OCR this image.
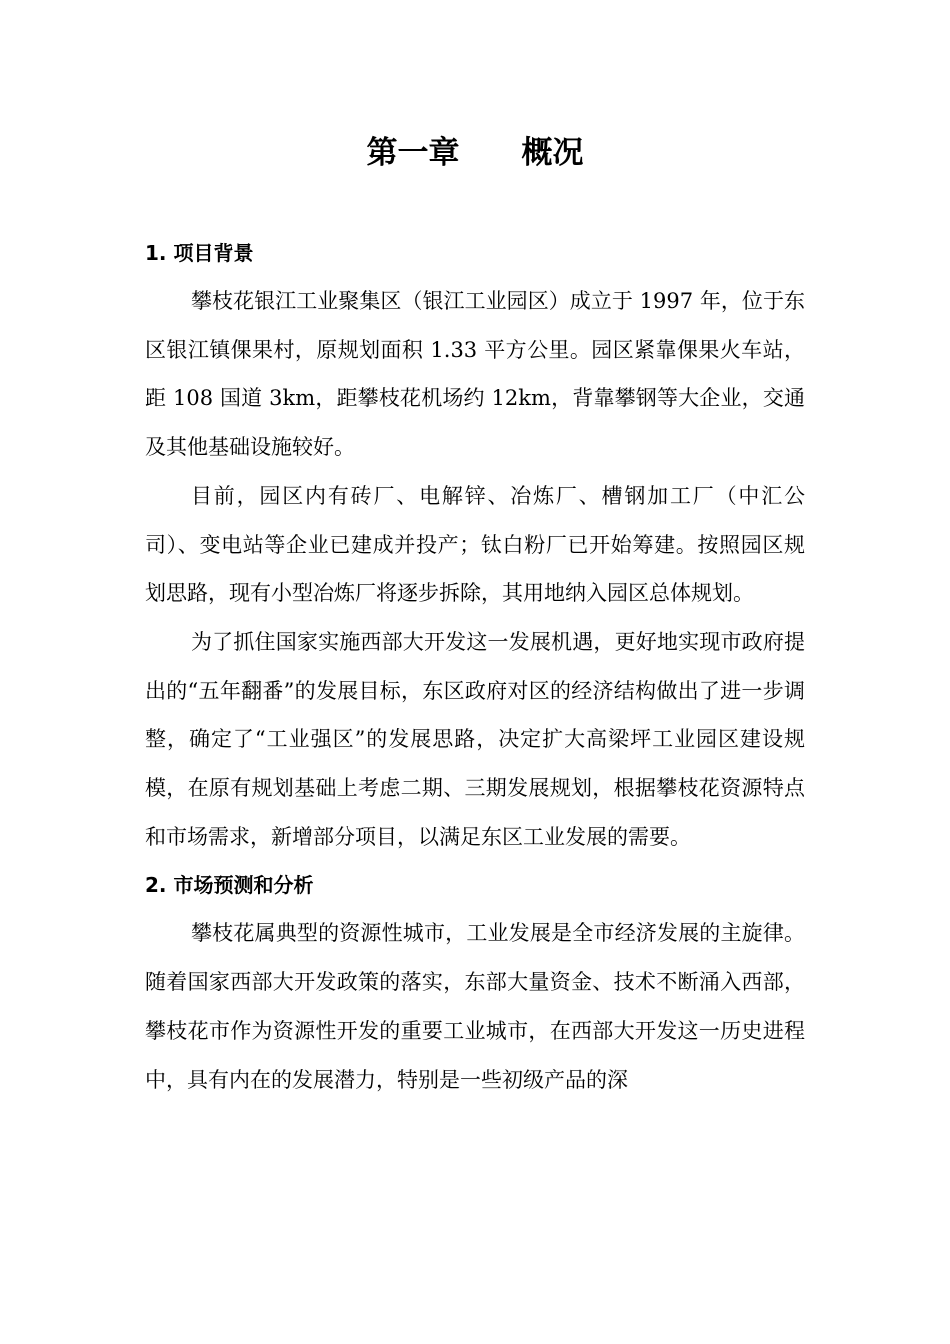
第一章　　概况
1. 项目背景

攀枝花银江工业聚集区（银江工业园区）成立于 1997 年，位于东区银江镇倮果村，原规划面积 1.33 平方公里。园区紧靠倮果火车站，距 108 国道 3km，距攀枝花机场约 12km，背靠攀钢等大企业，交通及其他基础设施较好。

目前，园区内有砖厂、电解锌、冶炼厂、槽钢加工厂（中汇公司）、变电站等企业已建成并投产；钛白粉厂已开始筹建。按照园区规划思路，现有小型冶炼厂将逐步拆除，其用地纳入园区总体规划。

为了抓住国家实施西部大开发这一发展机遇，更好地实现市政府提出的“五年翻番”的发展目标，东区政府对区的经济结构做出了进一步调整，确定了“工业强区”的发展思路，决定扩大高梁坪工业园区建设规模，在原有规划基础上考虑二期、三期发展规划，根据攀枝花资源特点和市场需求，新增部分项目，以满足东区工业发展的需要。

2. 市场预测和分析

攀枝花属典型的资源性城市，工业发展是全市经济发展的主旋律。随着国家西部大开发政策的落实，东部大量资金、技术不断涌入西部，攀枝花市作为资源性开发的重要工业城市，在西部大开发这一历史进程中，具有内在的发展潜力，特别是一些初级产品的深
